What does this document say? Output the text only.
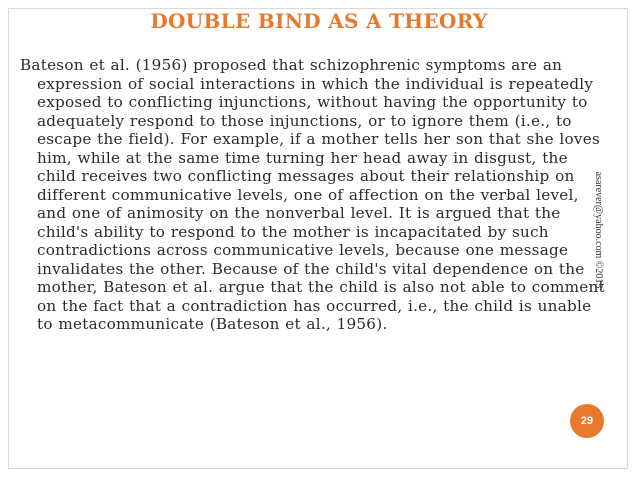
DOUBLE BIND AS A THEORY

Bateson et al. (1956) proposed that schizophrenic symptoms are an expression of social interactions in which the individual is repeatedly exposed to conflicting injunctions, without having the opportunity to adequately respond to those injunctions, or to ignore them (i.e., to escape the field). For example, if a mother tells her son that she loves him, while at the same time turning her head away in disgust, the child receives two conflicting messages about their relationship on different communicative levels, one of affection on the verbal level, and one of animosity on the nonverbal level. It is argued that the child's ability to respond to the mother is incapacitated by such contradictions across communicative levels, because one message invalidates the other. Because of the child's vital dependence on the mother, Bateson et al. argue that the child is also not able to comment on the fact that a contradiction has occurred, i.e., the child is unable to metacommunicate (Bateson et al., 1956).

asarever@yahoo.com ©2013
29
